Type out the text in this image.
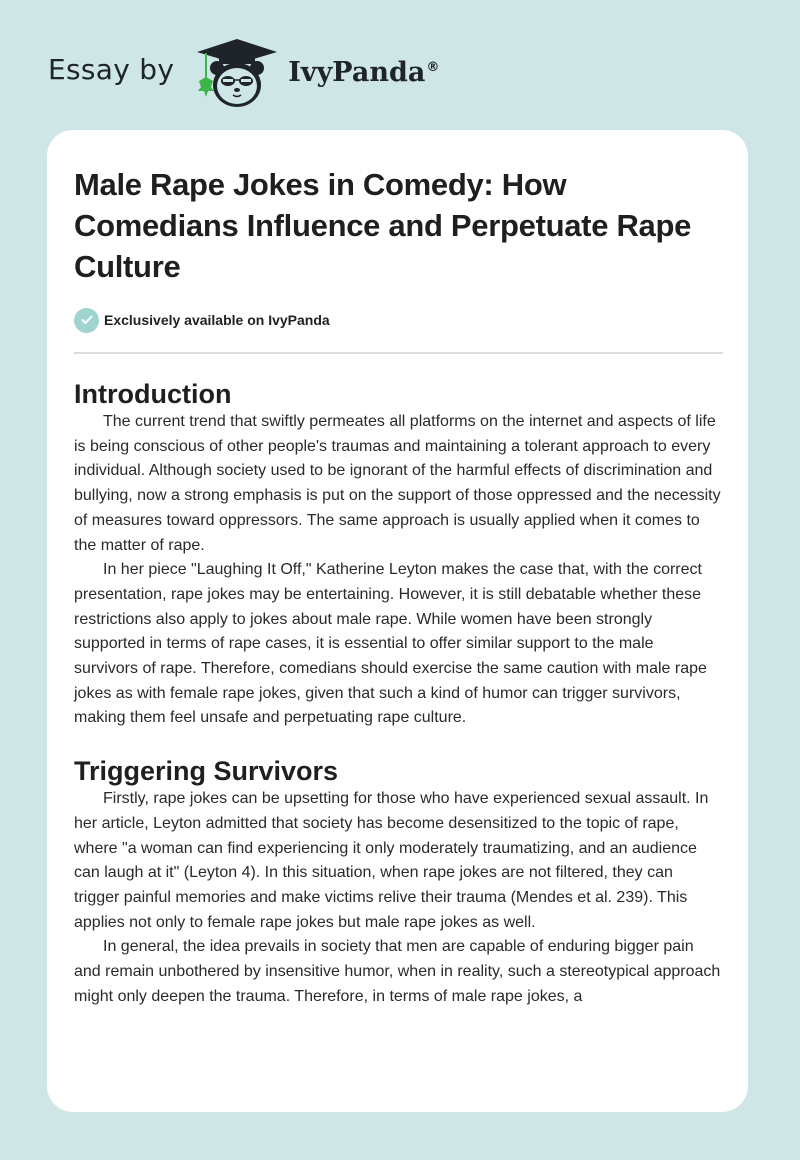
Essay by	IvyPanda®
Male Rape Jokes in Comedy: How Comedians Influence and Perpetuate Rape Culture
Exclusively available on IvyPanda
Introduction

The current trend that swiftly permeates all platforms on the internet and aspects of life is being conscious of other people's traumas and maintaining a tolerant approach to every individual. Although society used to be ignorant of the harmful effects of discrimination and bullying, now a strong emphasis is put on the support of those oppressed and the necessity of measures toward oppressors. The same approach is usually applied when it comes to the matter of rape.

In her piece "Laughing It Off," Katherine Leyton makes the case that, with the correct presentation, rape jokes may be entertaining. However, it is still debatable whether these restrictions also apply to jokes about male rape. While women have been strongly supported in terms of rape cases, it is essential to offer similar support to the male survivors of rape. Therefore, comedians should exercise the same caution with male rape jokes as with female rape jokes, given that such a kind of humor can trigger survivors, making them feel unsafe and perpetuating rape culture.

Triggering Survivors

Firstly, rape jokes can be upsetting for those who have experienced sexual assault. In her article, Leyton admitted that society has become desensitized to the topic of rape, where "a woman can find experiencing it only moderately traumatizing, and an audience can laugh at it" (Leyton 4). In this situation, when rape jokes are not filtered, they can trigger painful memories and make victims relive their trauma (Mendes et al. 239). This applies not only to female rape jokes but male rape jokes as well.

In general, the idea prevails in society that men are capable of enduring bigger pain and remain unbothered by insensitive humor, when in reality, such a stereotypical approach might only deepen the trauma. Therefore, in terms of male rape jokes, a
